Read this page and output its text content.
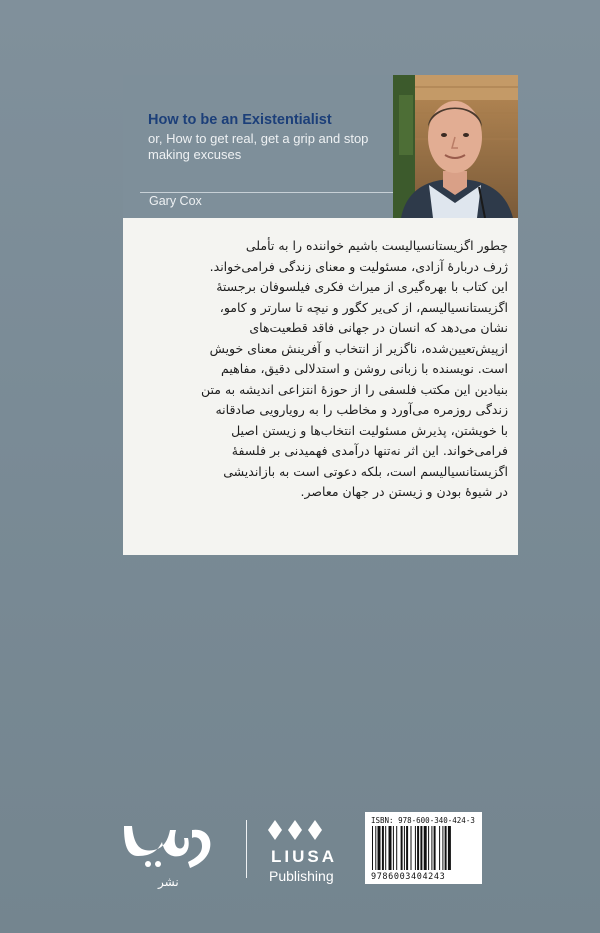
How to be an Existentialist
or, How to get real, get a grip and stop making excuses
Gary Cox
چطور اگزیستانسیالیست باشیم خواننده را به تأملی
ژرف دربارهٔ آزادی، مسئولیت و معنای زندگی فرامی‌خواند.
این کتاب با بهره‌گیری از میراث فکری فیلسوفان برجستهٔ
اگزیستانسیالیسم، از کی‌یر کگور و نیچه تا سارتر و کامو،
نشان می‌دهد که انسان در جهانی فاقد قطعیت‌های
ازپیش‌تعیین‌شده، ناگزیر از انتخاب و آفرینش معنای خویش
است. نویسنده با زبانی روشن و استدلالی دقیق، مفاهیم
بنیادین این مکتب فلسفی را از حوزهٔ انتزاعی اندیشه به متن
زندگی روزمره می‌آورد و مخاطب را به رویارویی صادقانه
با خویشتن، پذیرش مسئولیت انتخاب‌ها و زیستن اصیل
فرامی‌خواند. این اثر نه‌تنها درآمدی فهمیدنی بر فلسفهٔ
اگزیستانسیالیسم است، بلکه دعوتی است به بازاندیشی
در شیوهٔ بودن و زیستن در جهان معاصر.
نشر
LIUSA
Publishing
ISBN: 978-600-340-424-3
9786003404243
